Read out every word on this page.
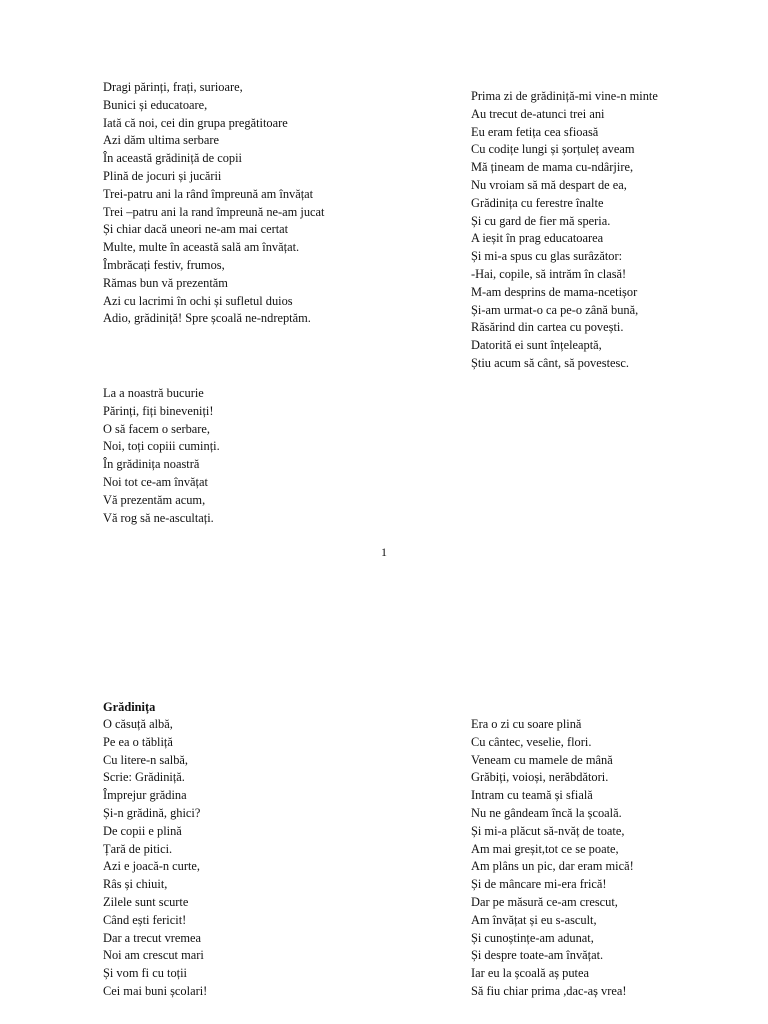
Dragi părinți, frați, surioare,
Bunici și educatoare,
Iată că noi, cei din grupa pregătitoare
Azi dăm ultima serbare
În această grădiniță de copii
Plină de jocuri și jucării
Trei-patru ani la rând împreună am învățat
Trei –patru ani la rand împreună ne-am jucat
Și chiar dacă uneori ne-am mai certat
Multe, multe în această sală am învățat.
Îmbrăcați festiv, frumos,
Rămas bun vă prezentăm
Azi cu lacrimi în ochi și sufletul duios
Adio, grădiniță! Spre școală ne-ndreptăm.
Prima zi de grădiniță-mi vine-n minte
Au trecut de-atunci trei ani
Eu eram fetița cea sfioasă
Cu codițe lungi și șorțuleț aveam
Mă țineam de mama cu-ndârjire,
Nu vroiam să mă despart de ea,
Grădinița cu ferestre înalte
Și cu gard de fier mă speria.
A ieșit în prag educatoarea
Și mi-a spus cu glas surâzător:
-Hai, copile, să intrăm în clasă!
M-am desprins de mama-ncetișor
Și-am urmat-o ca pe-o zână bună,
Răsărind din cartea cu povești.
Datorită ei sunt înțeleaptă,
Știu acum să cânt, să povestesc.
La a noastră bucurie
Părinți, fiți bineveniți!
O să facem o serbare,
Noi, toți copiii cuminți.
În grădinița noastră
Noi tot ce-am învățat
Vă prezentăm acum,
Vă rog să ne-ascultați.

1

Grădinița

O căsuță albă,
Pe ea o tăbliță
Cu litere-n salbă,
Scrie: Grădiniță.
Împrejur grădina
Și-n grădină, ghici?
De copii e plină
Țară de pitici.
Azi e joacă-n curte,
Râs și chiuit,
Zilele sunt scurte
Când ești fericit!
Dar a trecut vremea
Noi am crescut mari
Și vom fi cu toții
Cei mai buni școlari!
Era o zi cu soare plină
Cu cântec, veselie, flori.
Veneam cu mamele de mână
Grăbiți, voioși, nerăbdători.
Intram cu teamă și sfială
Nu ne gândeam încă la școală.
Și mi-a plăcut să-nvăț de toate,
Am mai greșit,tot ce se poate,
Am plâns un pic, dar eram mică!
Și de mâncare mi-era frică!
Dar pe măsură ce-am crescut,
Am învățat și eu s-ascult,
Și cunoștințe-am adunat,
Și despre toate-am învățat.
Iar eu la școală aș putea
Să fiu chiar prima ,dac-aș vrea!
